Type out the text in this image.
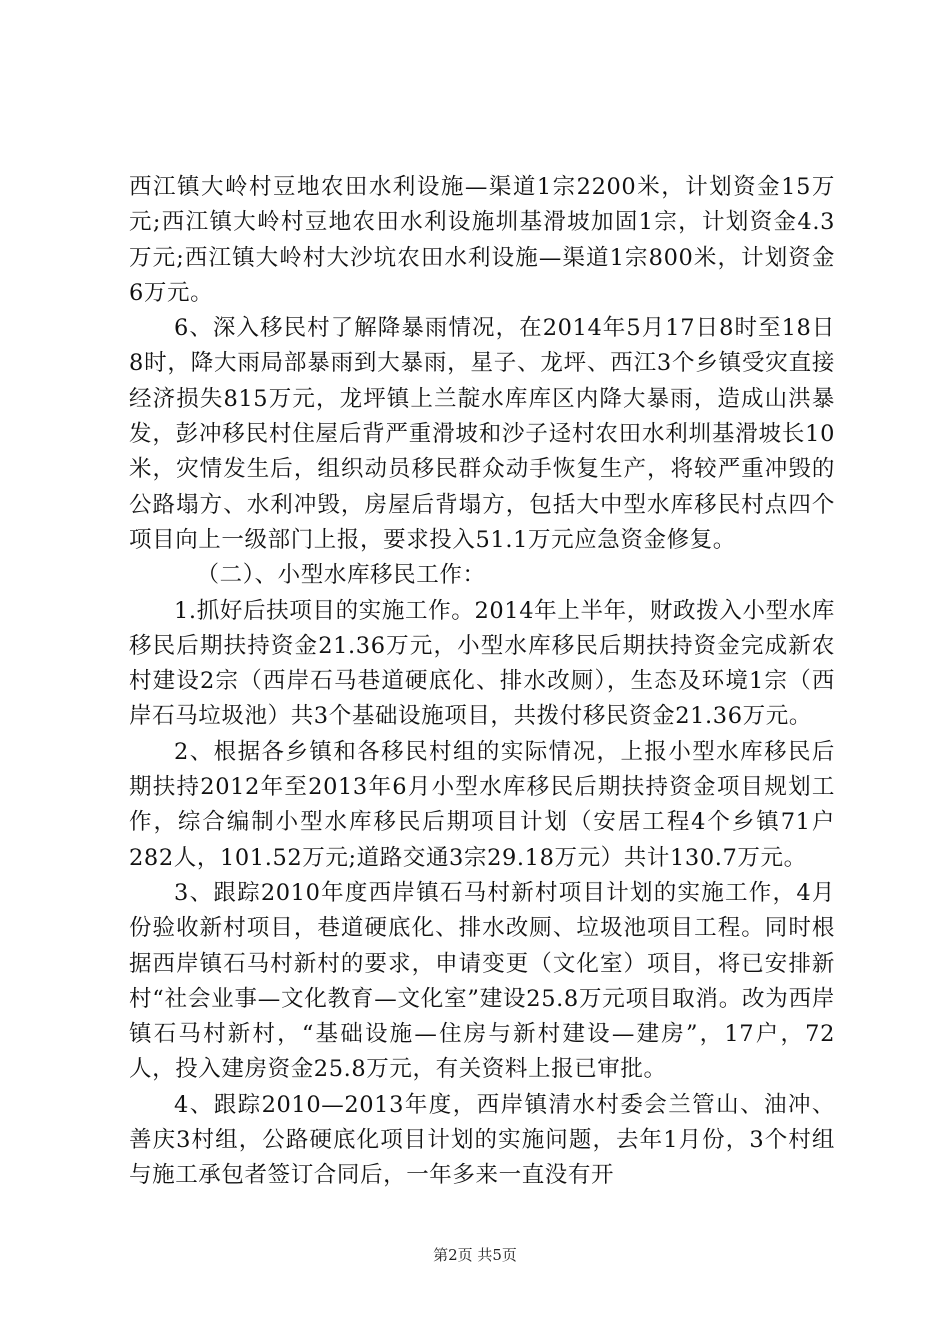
西江镇大岭村豆地农田水利设施—渠道1宗2200米，计划资金15万元;西江镇大岭村豆地农田水利设施圳基滑坡加固1宗，计划资金4.3万元;西江镇大岭村大沙坑农田水利设施—渠道1宗800米，计划资金6万元。

6、深入移民村了解降暴雨情况，在2014年5月17日8时至18日8时，降大雨局部暴雨到大暴雨，星子、龙坪、西江3个乡镇受灾直接经济损失815万元，龙坪镇上兰靛水库库区内降大暴雨，造成山洪暴发，彭冲移民村住屋后背严重滑坡和沙子迳村农田水利圳基滑坡长10米，灾情发生后，组织动员移民群众动手恢复生产，将较严重冲毁的公路塌方、水利冲毁，房屋后背塌方，包括大中型水库移民村点四个项目向上一级部门上报，要求投入51.1万元应急资金修复。

（二）、小型水库移民工作：

1.抓好后扶项目的实施工作。2014年上半年，财政拨入小型水库移民后期扶持资金21.36万元，小型水库移民后期扶持资金完成新农村建设2宗（西岸石马巷道硬底化、排水改厕），生态及环境1宗（西岸石马垃圾池）共3个基础设施项目，共拨付移民资金21.36万元。

2、根据各乡镇和各移民村组的实际情况，上报小型水库移民后期扶持2012年至2013年6月小型水库移民后期扶持资金项目规划工作，综合编制小型水库移民后期项目计划（安居工程4个乡镇71户282人，101.52万元;道路交通3宗29.18万元）共计130.7万元。

3、跟踪2010年度西岸镇石马村新村项目计划的实施工作，4月份验收新村项目，巷道硬底化、排水改厕、垃圾池项目工程。同时根据西岸镇石马村新村的要求，申请变更（文化室）项目，将已安排新村“社会业事—文化教育—文化室”建设25.8万元项目取消。改为西岸镇石马村新村，“基础设施—住房与新村建设—建房”，17户，72人，投入建房资金25.8万元，有关资料上报已审批。

4、跟踪2010—2013年度，西岸镇清水村委会兰管山、油冲、善庆3村组，公路硬底化项目计划的实施问题，去年1月份，3个村组与施工承包者签订合同后，一年多来一直没有开

第2页 共5页
